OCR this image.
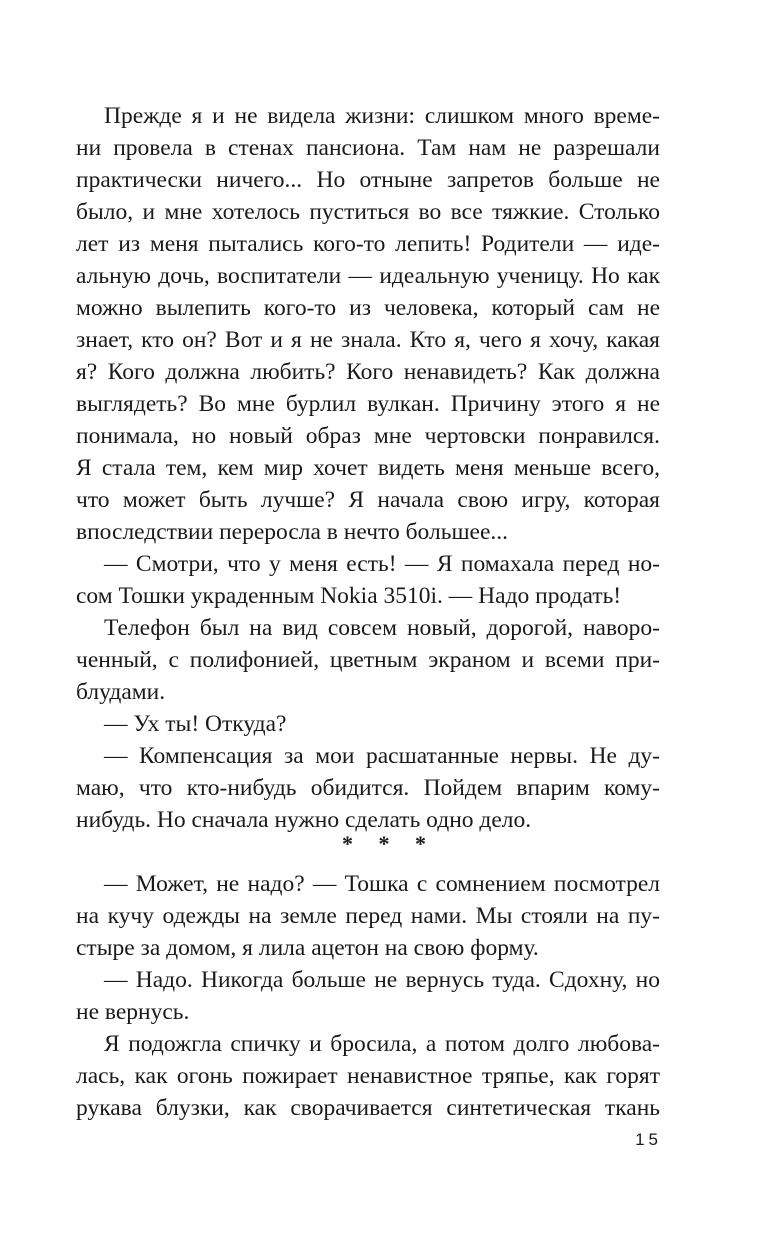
Прежде я и не видела жизни: слишком много време-
ни провела в стенах пансиона. Там нам не разрешали
практически ничего... Но отныне запретов больше не
было, и мне хотелось пуститься во все тяжкие. Столько
лет из меня пытались кого-то лепить! Родители — иде-
альную дочь, воспитатели — идеальную ученицу. Но как
можно вылепить кого-то из человека, который сам не
знает, кто он? Вот и я не знала. Кто я, чего я хочу, какая
я? Кого должна любить? Кого ненавидеть? Как должна
выглядеть? Во мне бурлил вулкан. Причину этого я не
понимала, но новый образ мне чертовски понравился.
Я стала тем, кем мир хочет видеть меня меньше всего,
что может быть лучше? Я начала свою игру, которая
впоследствии переросла в нечто большее...
— Смотри, что у меня есть! — Я помахала перед но-
сом Тошки украденным Nokia 3510i. — Надо продать!
Телефон был на вид совсем новый, дорогой, наворо-
ченный, с полифонией, цветным экраном и всеми при-
блудами.
— Ух ты! Откуда?
— Компенсация за мои расшатанные нервы. Не ду-
маю, что кто-нибудь обидится. Пойдем впарим кому-
нибудь. Но сначала нужно сделать одно дело.
* * *
— Может, не надо? — Тошка с сомнением посмотрел
на кучу одежды на земле перед нами. Мы стояли на пу-
стыре за домом, я лила ацетон на свою форму.
— Надо. Никогда больше не вернусь туда. Сдохну, но
не вернусь.
Я подожгла спичку и бросила, а потом долго любова-
лась, как огонь пожирает ненавистное тряпье, как горят
рукава блузки, как сворачивается синтетическая ткань
15
